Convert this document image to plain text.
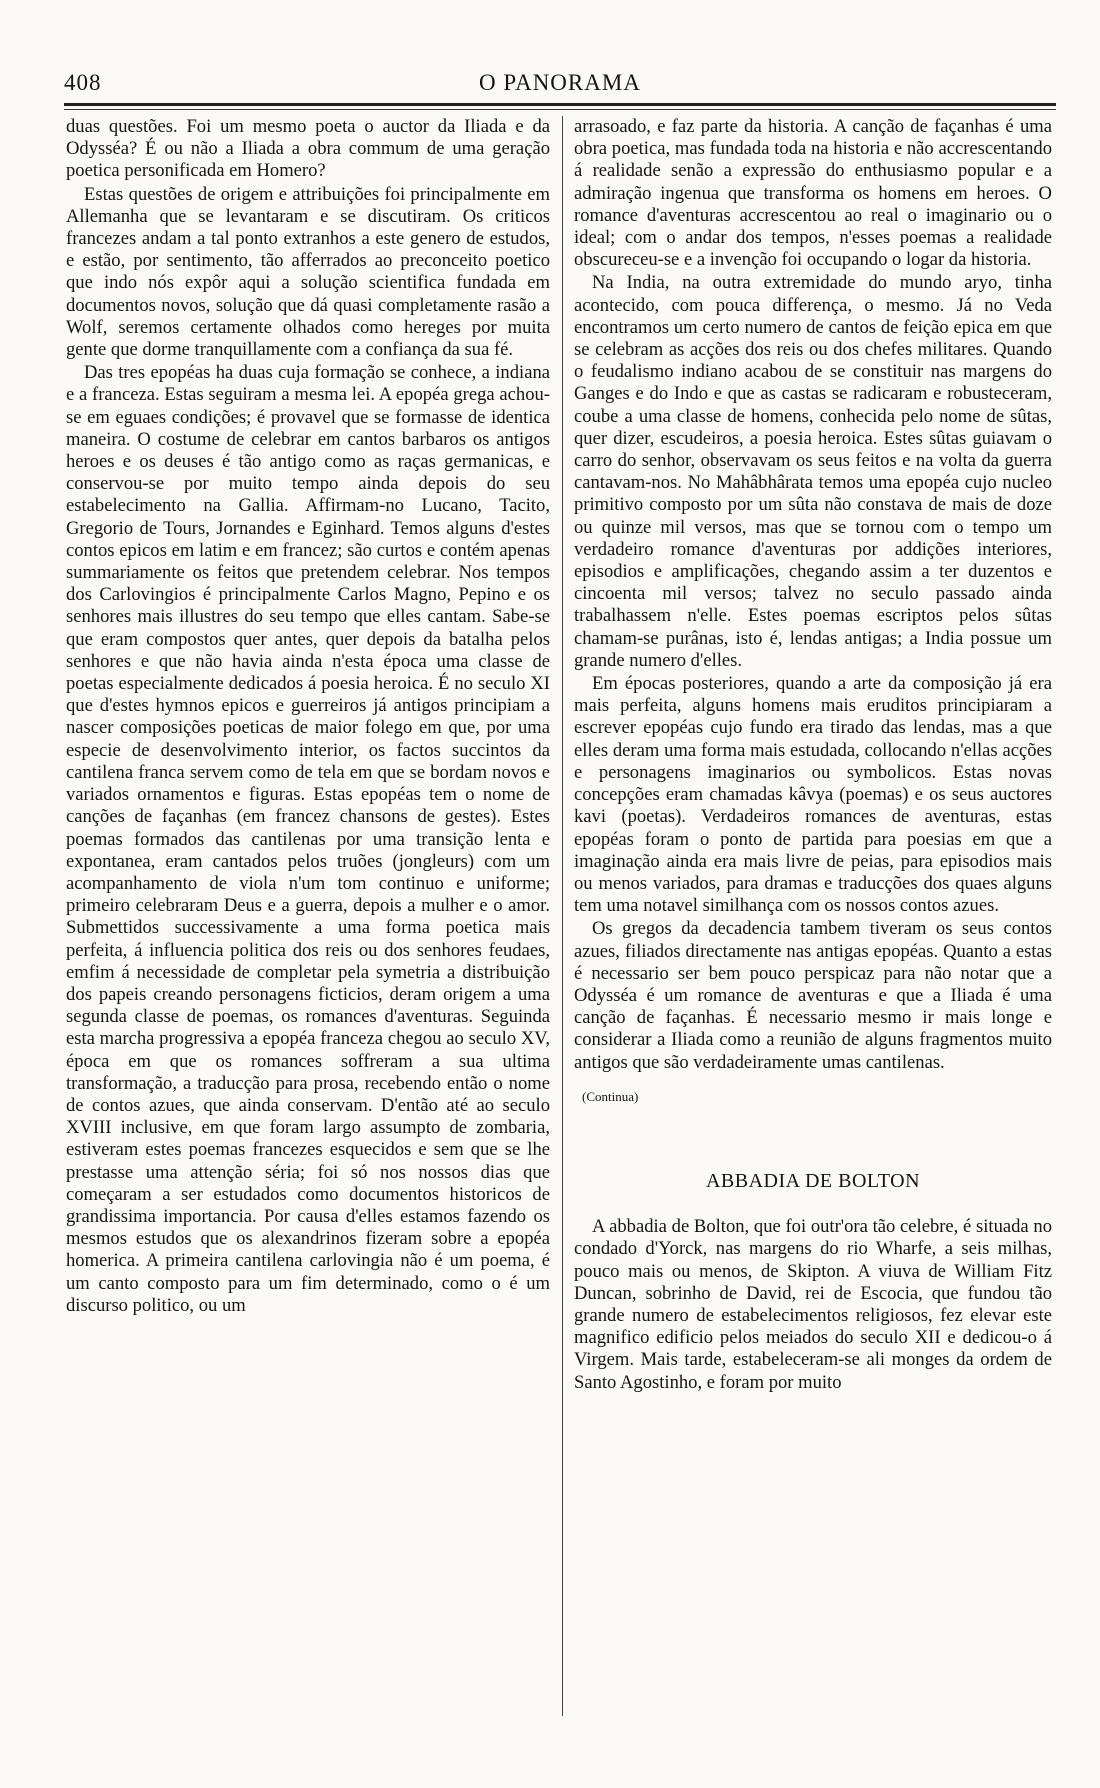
408	O PANORAMA

duas questões. Foi um mesmo poeta o auctor da Iliada e da Odysséa? É ou não a Iliada a obra commum de uma geração poetica personificada em Homero?

Estas questões de origem e attribuições foi principalmente em Allemanha que se levantaram e se discutiram. Os criticos francezes andam a tal ponto extranhos a este genero de estudos, e estão, por sentimento, tão afferrados ao preconceito poetico que indo nós expôr aqui a solução scientifica fundada em documentos novos, solução que dá quasi completamente rasão a Wolf, seremos certamente olhados como hereges por muita gente que dorme tranquillamente com a confiança da sua fé.

Das tres epopéas ha duas cuja formação se conhece, a indiana e a franceza. Estas seguiram a mesma lei. A epopéa grega achou-se em eguaes condições; é provavel que se formasse de identica maneira. O costume de celebrar em cantos barbaros os antigos heroes e os deuses é tão antigo como as raças germanicas, e conservou-se por muito tempo ainda depois do seu estabelecimento na Gallia. Affirmam-no Lucano, Tacito, Gregorio de Tours, Jornandes e Eginhard. Temos alguns d'estes contos epicos em latim e em francez; são curtos e contém apenas summariamente os feitos que pretendem celebrar. Nos tempos dos Carlovingios é principalmente Carlos Magno, Pepino e os senhores mais illustres do seu tempo que elles cantam. Sabe-se que eram compostos quer antes, quer depois da batalha pelos senhores e que não havia ainda n'esta época uma classe de poetas especialmente dedicados á poesia heroica. É no seculo XI que d'estes hymnos epicos e guerreiros já antigos principiam a nascer composições poeticas de maior folego em que, por uma especie de desenvolvimento interior, os factos succintos da cantilena franca servem como de tela em que se bordam novos e variados ornamentos e figuras. Estas epopéas tem o nome de canções de façanhas (em francez chansons de gestes). Estes poemas formados das cantilenas por uma transição lenta e expontanea, eram cantados pelos truões (jongleurs) com um acompanhamento de viola n'um tom continuo e uniforme; primeiro celebraram Deus e a guerra, depois a mulher e o amor. Submettidos successivamente a uma forma poetica mais perfeita, á influencia politica dos reis ou dos senhores feudaes, emfim á necessidade de completar pela symetria a distribuição dos papeis creando personagens ficticios, deram origem a uma segunda classe de poemas, os romances d'aventuras. Seguinda esta marcha progressiva a epopéa franceza chegou ao seculo XV, época em que os romances soffreram a sua ultima transformação, a traducção para prosa, recebendo então o nome de contos azues, que ainda conservam. D'então até ao seculo XVIII inclusive, em que foram largo assumpto de zombaria, estiveram estes poemas francezes esquecidos e sem que se lhe prestasse uma attenção séria; foi só nos nossos dias que começaram a ser estudados como documentos historicos de grandissima importancia. Por causa d'elles estamos fazendo os mesmos estudos que os alexandrinos fizeram sobre a epopéa homerica. A primeira cantilena carlovingia não é um poema, é um canto composto para um fim determinado, como o é um discurso politico, ou um

arrasoado, e faz parte da historia. A canção de façanhas é uma obra poetica, mas fundada toda na historia e não accrescentando á realidade senão a expressão do enthusiasmo popular e a admiração ingenua que transforma os homens em heroes. O romance d'aventuras accrescentou ao real o imaginario ou o ideal; com o andar dos tempos, n'esses poemas a realidade obscureceu-se e a invenção foi occupando o logar da historia.

Na India, na outra extremidade do mundo aryo, tinha acontecido, com pouca differença, o mesmo. Já no Veda encontramos um certo numero de cantos de feição epica em que se celebram as acções dos reis ou dos chefes militares. Quando o feudalismo indiano acabou de se constituir nas margens do Ganges e do Indo e que as castas se radicaram e robusteceram, coube a uma classe de homens, conhecida pelo nome de sûtas, quer dizer, escudeiros, a poesia heroica. Estes sûtas guiavam o carro do senhor, observavam os seus feitos e na volta da guerra cantavam-nos. No Mahâbhârata temos uma epopéa cujo nucleo primitivo composto por um sûta não constava de mais de doze ou quinze mil versos, mas que se tornou com o tempo um verdadeiro romance d'aventuras por addições interiores, episodios e amplificações, chegando assim a ter duzentos e cincoenta mil versos; talvez no seculo passado ainda trabalhassem n'elle. Estes poemas escriptos pelos sûtas chamam-se purânas, isto é, lendas antigas; a India possue um grande numero d'elles.

Em épocas posteriores, quando a arte da composição já era mais perfeita, alguns homens mais eruditos principiaram a escrever epopéas cujo fundo era tirado das lendas, mas a que elles deram uma forma mais estudada, collocando n'ellas acções e personagens imaginarios ou symbolicos. Estas novas concepções eram chamadas kâvya (poemas) e os seus auctores kavi (poetas). Verdadeiros romances de aventuras, estas epopéas foram o ponto de partida para poesias em que a imaginação ainda era mais livre de peias, para episodios mais ou menos variados, para dramas e traducções dos quaes alguns tem uma notavel similhança com os nossos contos azues.

Os gregos da decadencia tambem tiveram os seus contos azues, filiados directamente nas antigas epopéas. Quanto a estas é necessario ser bem pouco perspicaz para não notar que a Odysséa é um romance de aventuras e que a Iliada é uma canção de façanhas. É necessario mesmo ir mais longe e considerar a Iliada como a reunião de alguns fragmentos muito antigos que são verdadeiramente umas cantilenas.

(Continua)

ABBADIA DE BOLTON

A abbadia de Bolton, que foi outr'ora tão celebre, é situada no condado d'Yorck, nas margens do rio Wharfe, a seis milhas, pouco mais ou menos, de Skipton. A viuva de William Fitz Duncan, sobrinho de David, rei de Escocia, que fundou tão grande numero de estabelecimentos religiosos, fez elevar este magnifico edificio pelos meiados do seculo XII e dedicou-o á Virgem. Mais tarde, estabeleceram-se ali monges da ordem de Santo Agostinho, e foram por muito
